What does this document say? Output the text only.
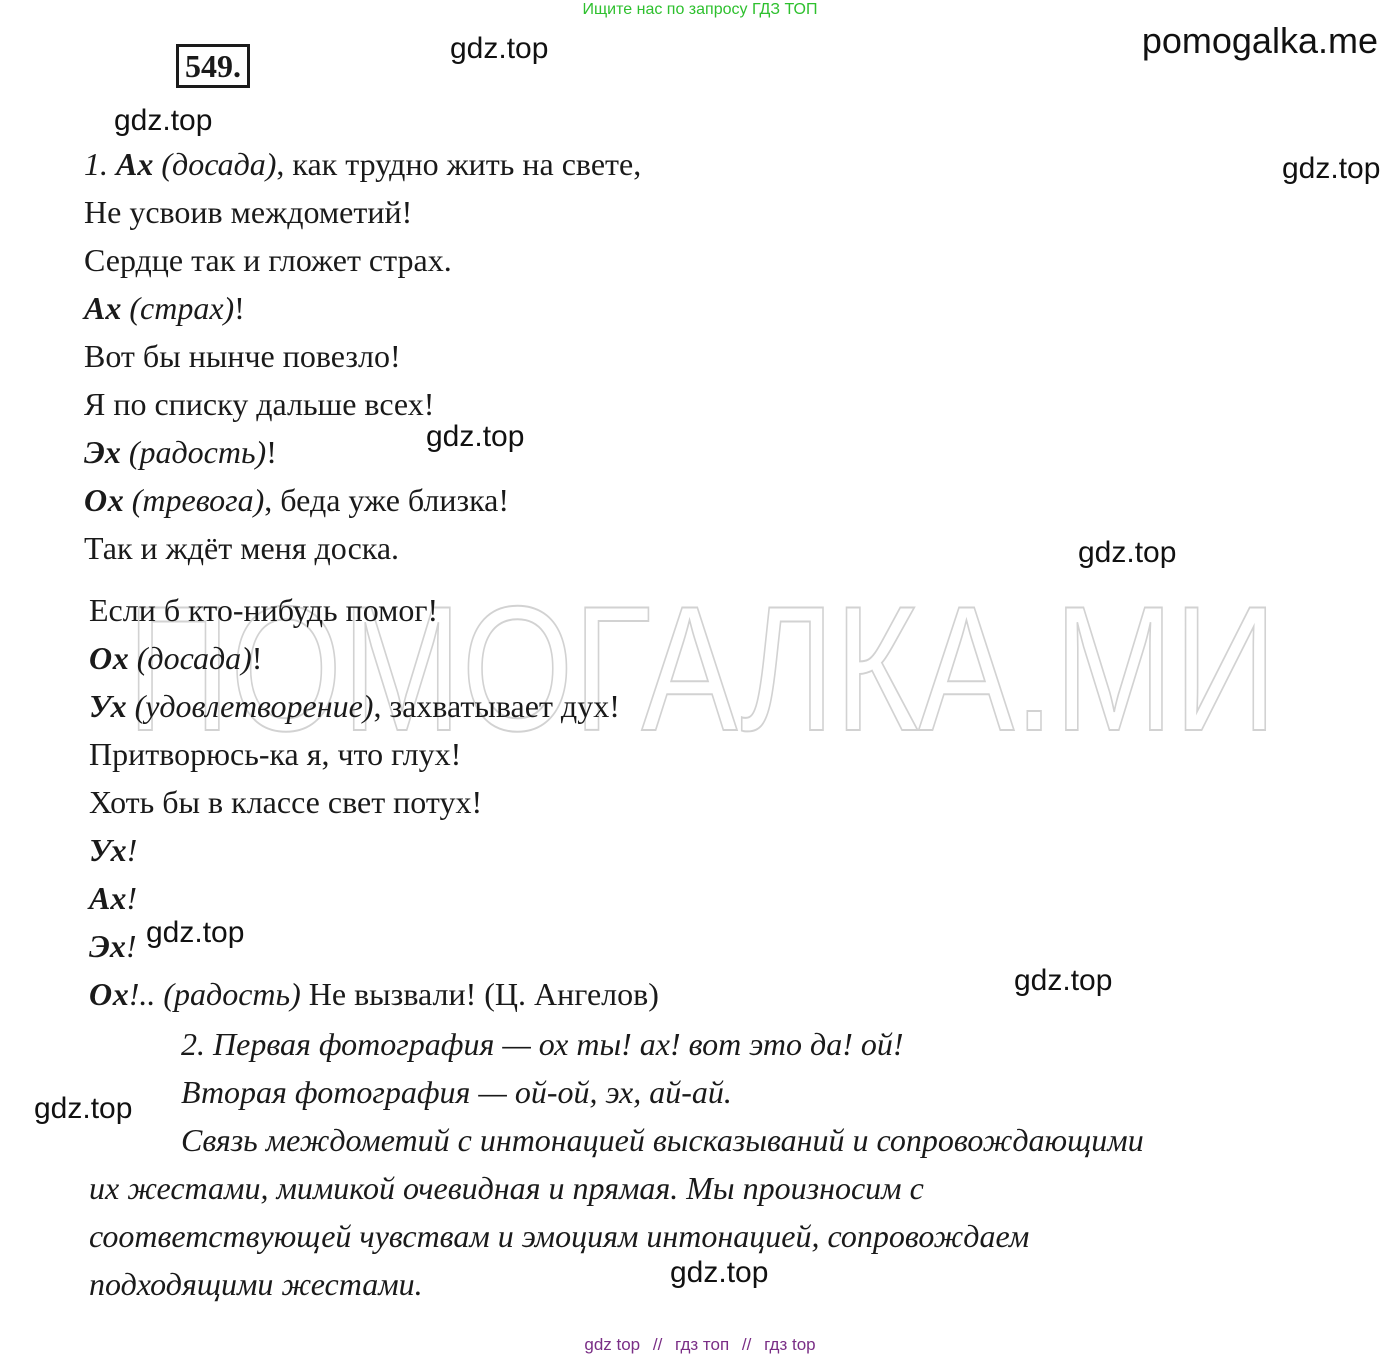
Ищите нас по запросу ГДЗ ТОП
549.
pomogalka.me
ПОМОГАЛКА.МИ
gdz.top
gdz.top
gdz.top
gdz.top
gdz.top
gdz.top
gdz.top
gdz.top
gdz.top
1. Ах (досада), как трудно жить на свете,
Не усвоив междометий!
Сердце так и гложет страх.
Ах (страх)!
Вот бы нынче повезло!
Я по списку дальше всех!
Эх (радость)!
Ох (тревога), беда уже близка!
Так и ждёт меня доска.
Если б кто-нибудь помог!
Ох (досада)!
Ух (удовлетворение), захватывает дух!
Притворюсь-ка я, что глух!
Хоть бы в классе свет потух!
Ух!
Ах!
Эх!
Ох!.. (радость) Не вызвали! (Ц. Ангелов)
2. Первая фотография — ох ты! ах! вот это да! ой!
Вторая фотография — ой-ой, эх, ай-ай.
Связь междометий с интонацией высказываний и сопровождающими
их жестами, мимикой очевидная и прямая. Мы произносим с
соответствующей чувствам и эмоциям интонацией, сопровождаем
подходящими жестами.
gdz top // гдз топ // гдз top
